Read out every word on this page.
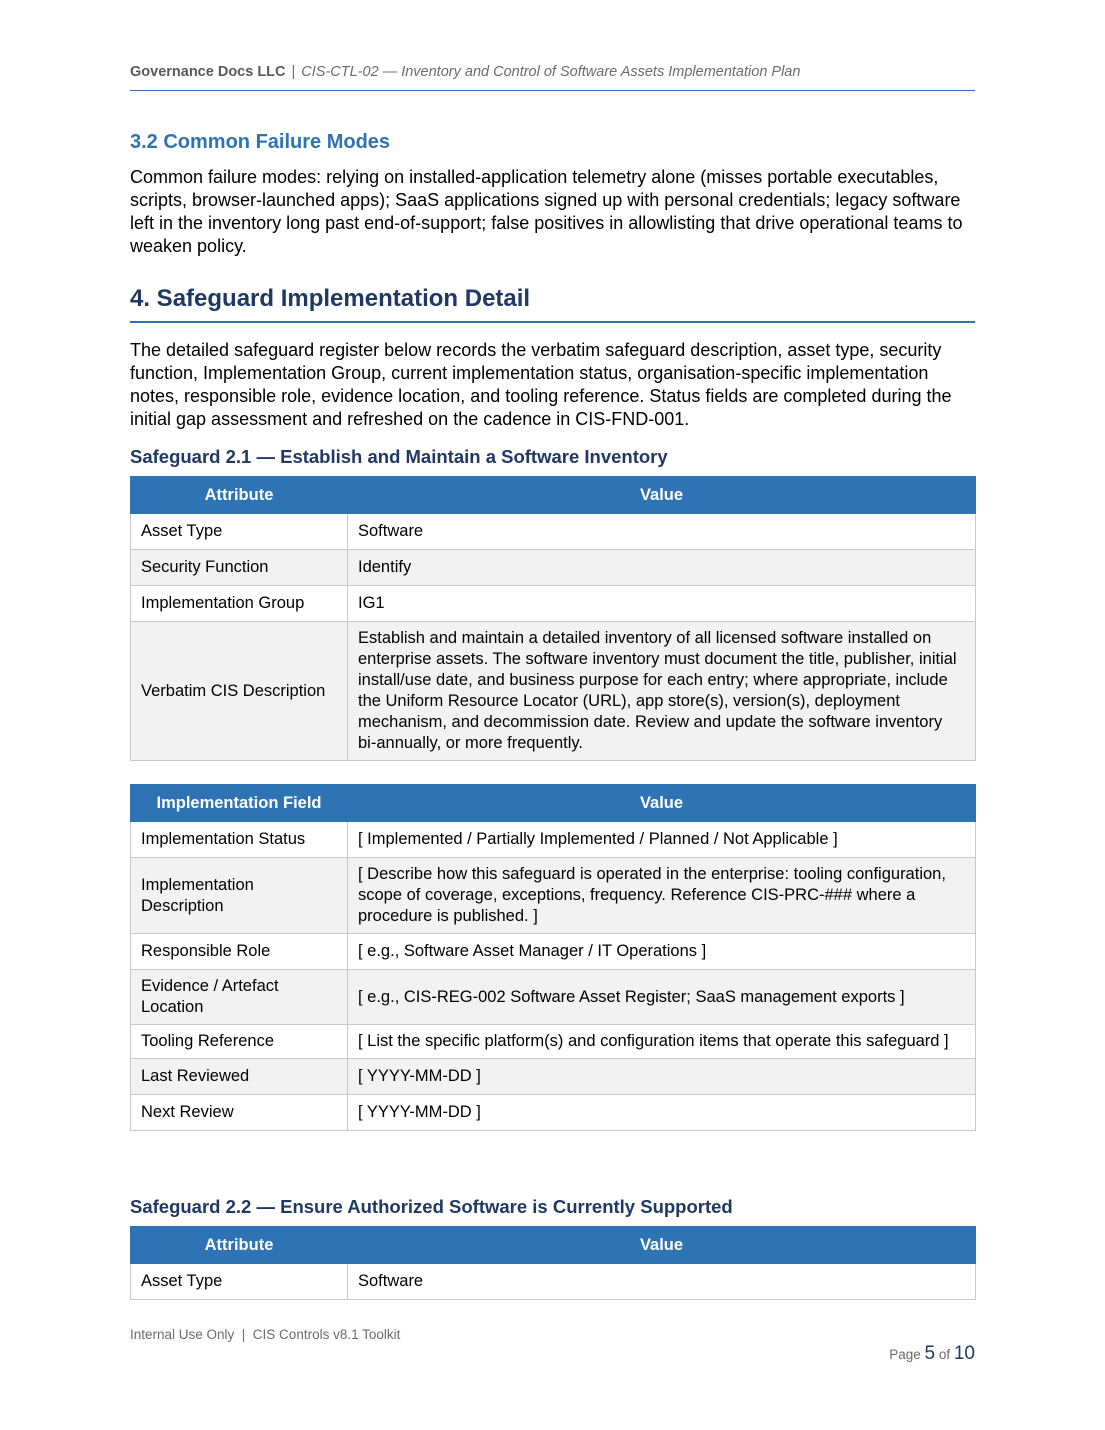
Governance Docs LLC | CIS-CTL-02 — Inventory and Control of Software Assets Implementation Plan
3.2 Common Failure Modes

Common failure modes: relying on installed-application telemetry alone (misses portable executables, scripts, browser-launched apps); SaaS applications signed up with personal credentials; legacy software left in the inventory long past end-of-support; false positives in allowlisting that drive operational teams to weaken policy.

4. Safeguard Implementation Detail

The detailed safeguard register below records the verbatim safeguard description, asset type, security function, Implementation Group, current implementation status, organisation-specific implementation notes, responsible role, evidence location, and tooling reference. Status fields are completed during the initial gap assessment and refreshed on the cadence in CIS-FND-001.

Safeguard 2.1 — Establish and Maintain a Software Inventory

Attribute	Value
Asset Type	Software
Security Function	Identify
Implementation Group	IG1
Verbatim CIS Description	Establish and maintain a detailed inventory of all licensed software installed on enterprise assets. The software inventory must document the title, publisher, initial install/use date, and business purpose for each entry; where appropriate, include the Uniform Resource Locator (URL), app store(s), version(s), deployment mechanism, and decommission date. Review and update the software inventory bi-annually, or more frequently.
Implementation Field	Value
Implementation Status	[ Implemented / Partially Implemented / Planned / Not Applicable ]
Implementation Description	[ Describe how this safeguard is operated in the enterprise: tooling configuration, scope of coverage, exceptions, frequency. Reference CIS-PRC-### where a procedure is published. ]
Responsible Role	[ e.g., Software Asset Manager / IT Operations ]
Evidence / Artefact Location	[ e.g., CIS-REG-002 Software Asset Register; SaaS management exports ]
Tooling Reference	[ List the specific platform(s) and configuration items that operate this safeguard ]
Last Reviewed	[ YYYY-MM-DD ]
Next Review	[ YYYY-MM-DD ]

Safeguard 2.2 — Ensure Authorized Software is Currently Supported

Attribute	Value
Asset Type	Software
Internal Use Only  |  CIS Controls v8.1 Toolkit
Page 5 of 10
